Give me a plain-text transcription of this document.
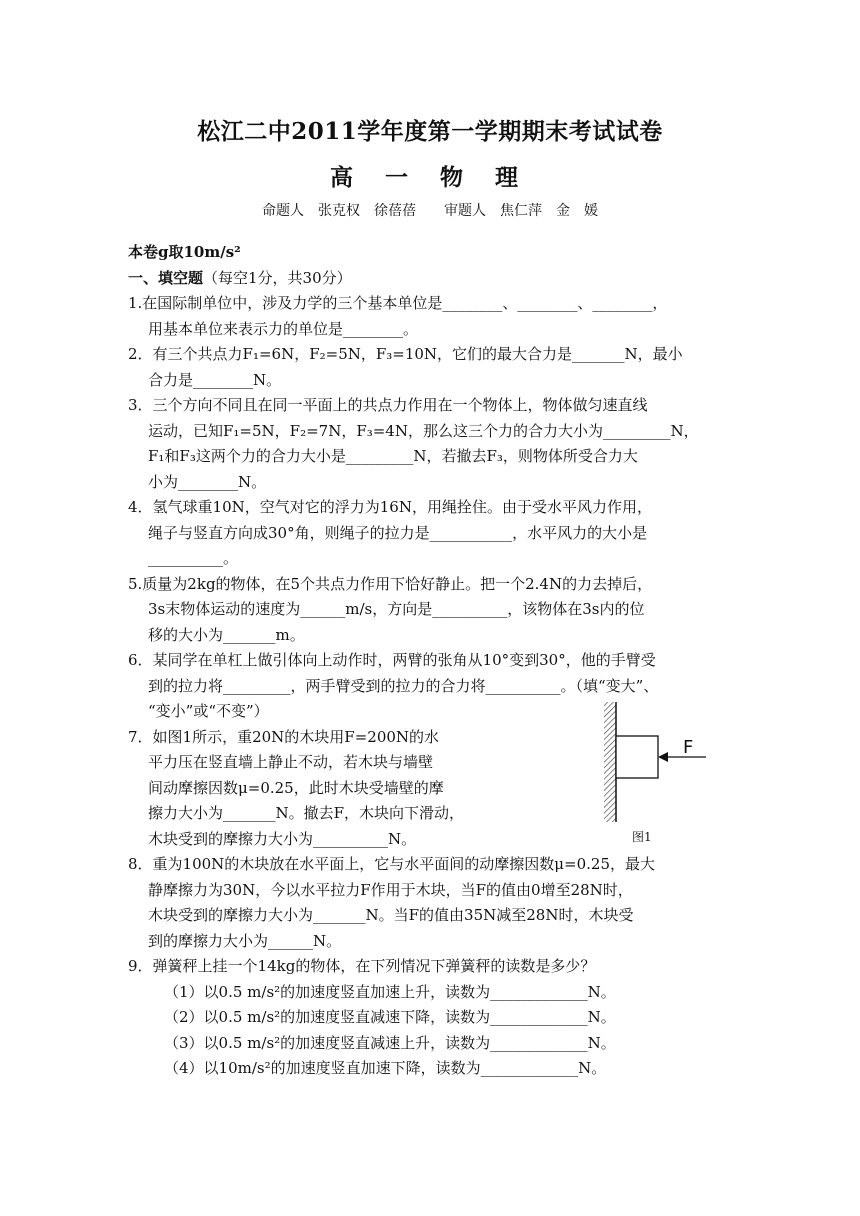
松江二中2011学年度第一学期期末考试试卷
高 一 物 理
命题人　张克权　徐蓓蓓　　审题人　焦仁萍　金　媛
本卷g取10m/s²
一、填空题（每空1分，共30分）
1.在国际制单位中，涉及力学的三个基本单位是________、________、________，
用基本单位来表示力的单位是________。
2．有三个共点力F₁=6N，F₂=5N，F₃=10N，它们的最大合力是_______N，最小
合力是________N。
3．三个方向不同且在同一平面上的共点力作用在一个物体上，物体做匀速直线
运动，已知F₁=5N，F₂=7N，F₃=4N，那么这三个力的合力大小为_________N，
F₁和F₃这两个力的合力大小是_________N，若撤去F₃，则物体所受合力大
小为________N。
4．氢气球重10N，空气对它的浮力为16N，用绳拴住。由于受水平风力作用，
绳子与竖直方向成30°角，则绳子的拉力是___________，水平风力的大小是
__________。
5.质量为2kg的物体，在5个共点力作用下恰好静止。把一个2.4N的力去掉后，
3s末物体运动的速度为______m/s，方向是__________，该物体在3s内的位
移的大小为_______m。
6．某同学在单杠上做引体向上动作时，两臂的张角从10°变到30°，他的手臂受
到的拉力将_________，两手臂受到的拉力的合力将__________。（填“变大”、
“变小”或“不变”）
7．如图1所示，重20N的木块用F=200N的水
平力压在竖直墙上静止不动，若木块与墙壁
间动摩擦因数μ=0.25，此时木块受墙壁的摩
擦力大小为_______N。撤去F，木块向下滑动，
木块受到的摩擦力大小为__________N。
8．重为100N的木块放在水平面上，它与水平面间的动摩擦因数μ=0.25，最大
静摩擦力为30N，今以水平拉力F作用于木块，当F的值由0增至28N时，
木块受到的摩擦力大小为_______N。当F的值由35N减至28N时，木块受
到的摩擦力大小为______N。
9．弹簧秤上挂一个14kg的物体，在下列情况下弹簧秤的读数是多少？
（1）以0.5 m/s²的加速度竖直加速上升，读数为_____________N。
（2）以0.5 m/s²的加速度竖直减速下降，读数为_____________N。
（3）以0.5 m/s²的加速度竖直减速上升，读数为_____________N。
（4）以10m/s²的加速度竖直加速下降，读数为_____________N。
F
图1
